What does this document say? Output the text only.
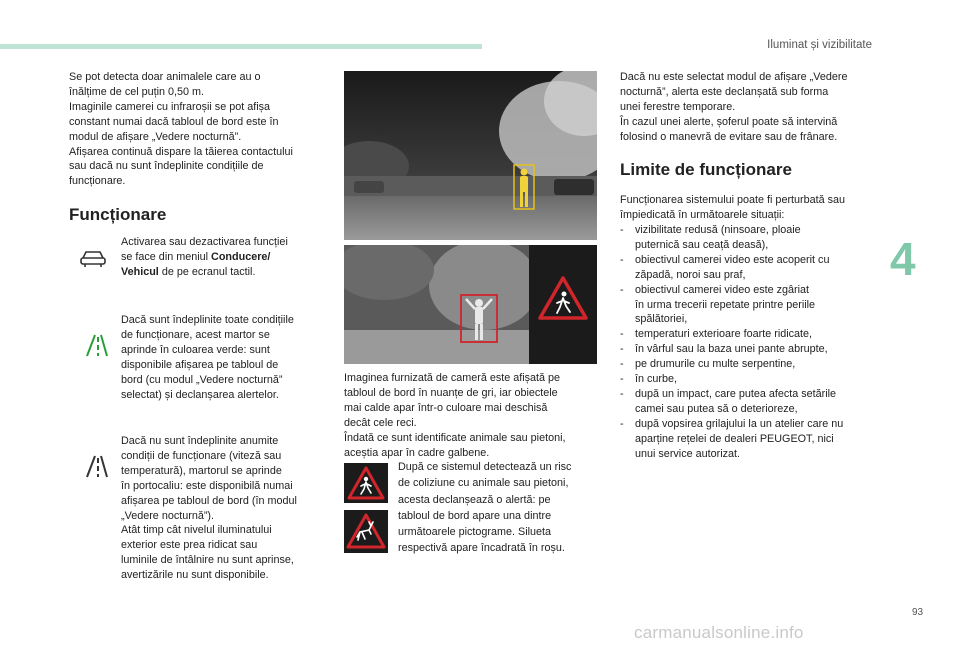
Iluminat și vizibilitate
4
93

Se pot detecta doar animalele care au o

înălțime de cel puțin 0,50 m.

Imaginile camerei cu infraroșii se pot afișa

constant numai dacă tabloul de bord este în

modul de afișare „Vedere nocturnă”.

Afișarea continuă dispare la tăierea contactului

sau dacă nu sunt îndeplinite condițiile de

funcționare.

Funcționare

Activarea sau dezactivarea funcției

se face din meniul Conducere/

Vehicul de pe ecranul tactil.

Dacă sunt îndeplinite toate condițiile

de funcționare, acest martor se

aprinde în culoarea verde: sunt

disponibile afișarea pe tabloul de

bord (cu modul „Vedere nocturnă”

selectat) și declanșarea alertelor.

Dacă nu sunt îndeplinite anumite

condiții de funcționare (viteză sau

temperatură), martorul se aprinde

în portocaliu: este disponibilă numai

afișarea pe tabloul de bord (în modul

„Vedere nocturnă”).

Atât timp cât nivelul iluminatului

exterior este prea ridicat sau

luminile de întâlnire nu sunt aprinse,

avertizările nu sunt disponibile.

Imaginea furnizată de cameră este afișată pe

tabloul de bord în nuanțe de gri, iar obiectele

mai calde apar într-o culoare mai deschisă

decât cele reci.

Îndată ce sunt identificate animale sau pietoni,

aceștia apar în cadre galbene.

După ce sistemul detectează un risc

de coliziune cu animale sau pietoni,

acesta declanșează o alertă: pe

tabloul de bord apare una dintre

următoarele pictograme. Silueta

respectivă apare încadrată în roșu.

Dacă nu este selectat modul de afișare „Vedere

nocturnă”, alerta este declanșată sub forma

unei ferestre temporare.

În cazul unei alerte, șoferul poate să intervină

folosind o manevră de evitare sau de frânare.

Limite de funcționare

Funcționarea sistemului poate fi perturbată sau

împiedicată în următoarele situații:

- vizibilitate redusă (ninsoare, ploaie
puternică sau ceață deasă),
- obiectivul camerei video este acoperit cu
zăpadă, noroi sau praf,
- obiectivul camerei video este zgâriat
în urma trecerii repetate printre periile
spălătoriei,
- temperaturi exterioare foarte ridicate,
- în vârful sau la baza unei pante abrupte,
- pe drumurile cu multe serpentine,
- în curbe,
- după un impact, care putea afecta setările
camei sau putea să o deterioreze,
- după vopsirea grilajului la un atelier care nu
aparține rețelei de dealeri PEUGEOT, nici
unui service autorizat.
carmanualsonline.info
